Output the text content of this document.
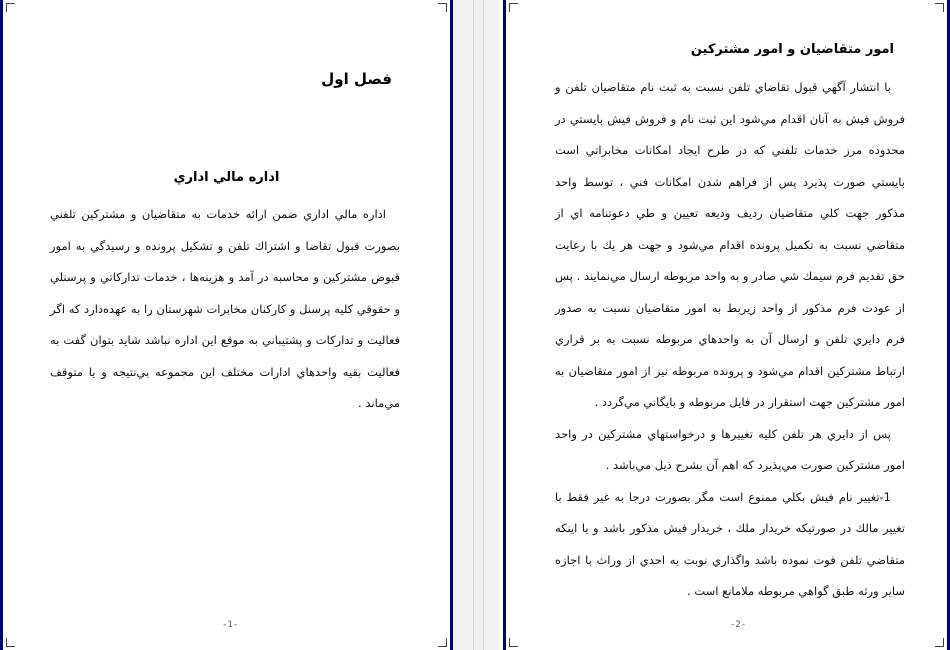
فصل اول
اداره مالي اداري

اداره مالي اداري ضمن ارائه خدمات به متقاضيان و مشتركين تلفني بصورت قبول تقاضا و اشتراك تلفن و تشكيل پرونده و رسيدگي به امور قبوض مشتركين و محاسبه در آمد و هزينه‌ها ، خدمات تداركاتي و پرسنلي و حقوقي كليه پرسنل و كاركنان مخابرات شهرستان را به عهده‌دارد كه اگر فعاليت و تداركات و پشتيباني به موقع اين اداره نباشد شايد بتوان گفت به فعاليت بقيه واحدهاي ادارات مختلف اين مجموعه بي‌نتيجه و يا متوقف مي‌ماند .

-1-
امور متقاضيان و امور مشتركين

با انتشار آگهي قبول تقاضاي تلفن نسبت به ثبت نام متقاضيان تلفن و فروش فيش به آنان اقدام مي‌شود اين ثبت نام و فروش فيش بايستي در محدوده مرز خدمات تلفني كه در طرح ايجاد امكانات مخابراتي است بايستي صورت پذيرد پس از فراهم شدن امكانات فني ، توسط واحد مذكور جهت كلي متقاضيان رديف وديعه تعيين و طي دعوتنامه اي از متقاضي نسبت به تكميل پرونده اقدام مي‌شود و جهت هر يك با رعايت حق تقديم فرم سيمك شي صادر و به واحد مربوطه ارسال مي‌نمايند . پس از عودت فرم مذكور از واحد زيربط به امور متقاضيان نسبت به صدور فرم دايري تلفن و ارسال آن به واحدهاي مربوطه نسبت به بر قراري ارتباط مشتركين اقدام مي‌شود و پرونده مربوطه نيز از امور متقاضيان به امور مشتركين جهت استقرار در فايل مربوطه و بايگاني مي‌گردد .

پس از دايري هر تلفن كليه تغييرها و درخواستهاي مشتركين در واحد امور مشتركين صورت مي‌پذيرد كه اهم آن بشرح ذيل مي‌باشد .

1-تغيير نام فيش بكلي ممنوع است مگر بصورت درجا به غير فقط با تغيير مالك در صورتيكه خريدار ملك ، خريدار فيش مذكور باشد و يا اينكه متقاضي تلفن فوت نموده باشد واگذاري نوبت به احدي از وراث با اجازه ساير ورثه طبق گواهي مربوطه ملامانع است .

-2-
